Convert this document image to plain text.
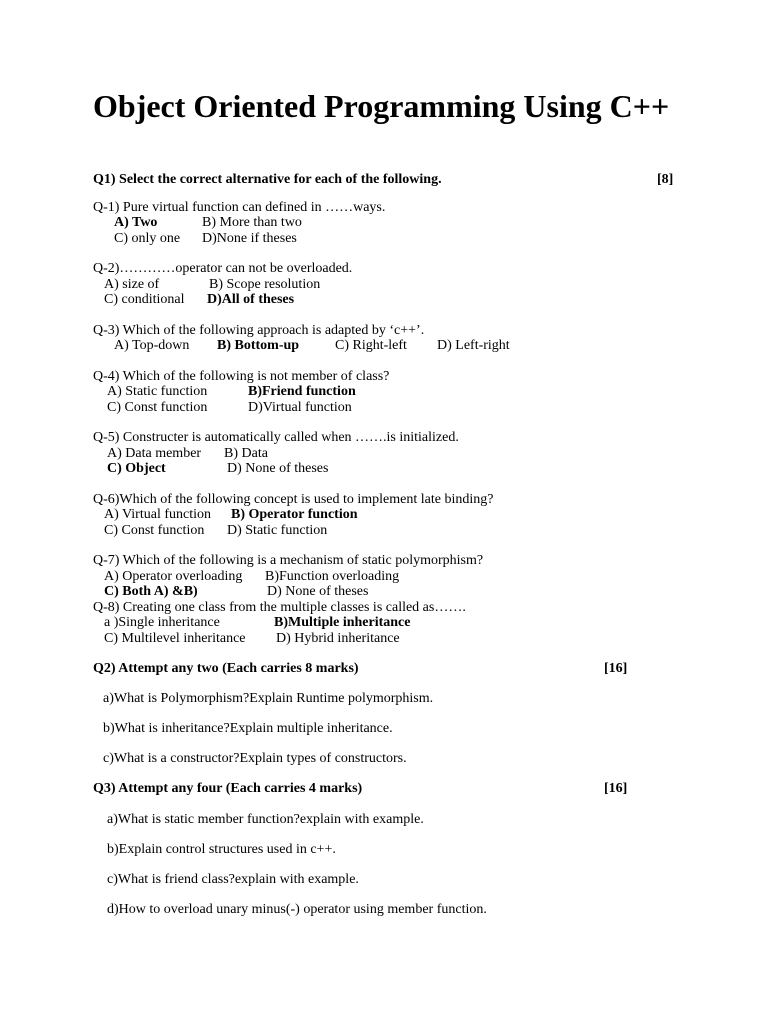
Object Oriented Programming Using C++
Q1) Select the correct alternative for each of the following.	[8]
Q-1) Pure virtual function can defined in ……ways.
A) Two	B) More than two
C) only one D)None if theses
Q-2)…………operator can not be overloaded.
A) size of	B) Scope resolution
C) conditional D)All of theses
Q-3) Which of the following approach is adapted by ‘c++’.
A) Top-down B) Bottom-up	C) Right-left D) Left-right
Q-4) Which of the following is not member of class?
A) Static function	B)Friend function
C) Const function	D)Virtual function
Q-5) Constructer is automatically called when …….is initialized.
A) Data member B) Data
C) Object	D) None of theses
Q-6)Which of the following concept is used to implement late binding?
A) Virtual function B) Operator function
C) Const function D) Static function
Q-7) Which of the following is a mechanism of static polymorphism?
A) Operator overloading B)Function overloading
C) Both A) &B)	D) None of theses
Q-8) Creating one class from the multiple classes is called as…….
a )Single inheritance	B)Multiple inheritance
C) Multilevel inheritance D) Hybrid inheritance
Q2) Attempt any two (Each carries 8 marks)	[16]
a)What is Polymorphism?Explain Runtime polymorphism.
b)What is inheritance?Explain multiple inheritance.
c)What is a constructor?Explain types of constructors.
Q3) Attempt any four (Each carries 4 marks)	[16]
a)What is static member function?explain with example.
b)Explain control structures used in c++.
c)What is friend class?explain with example.
d)How to overload unary minus(-) operator using member function.
